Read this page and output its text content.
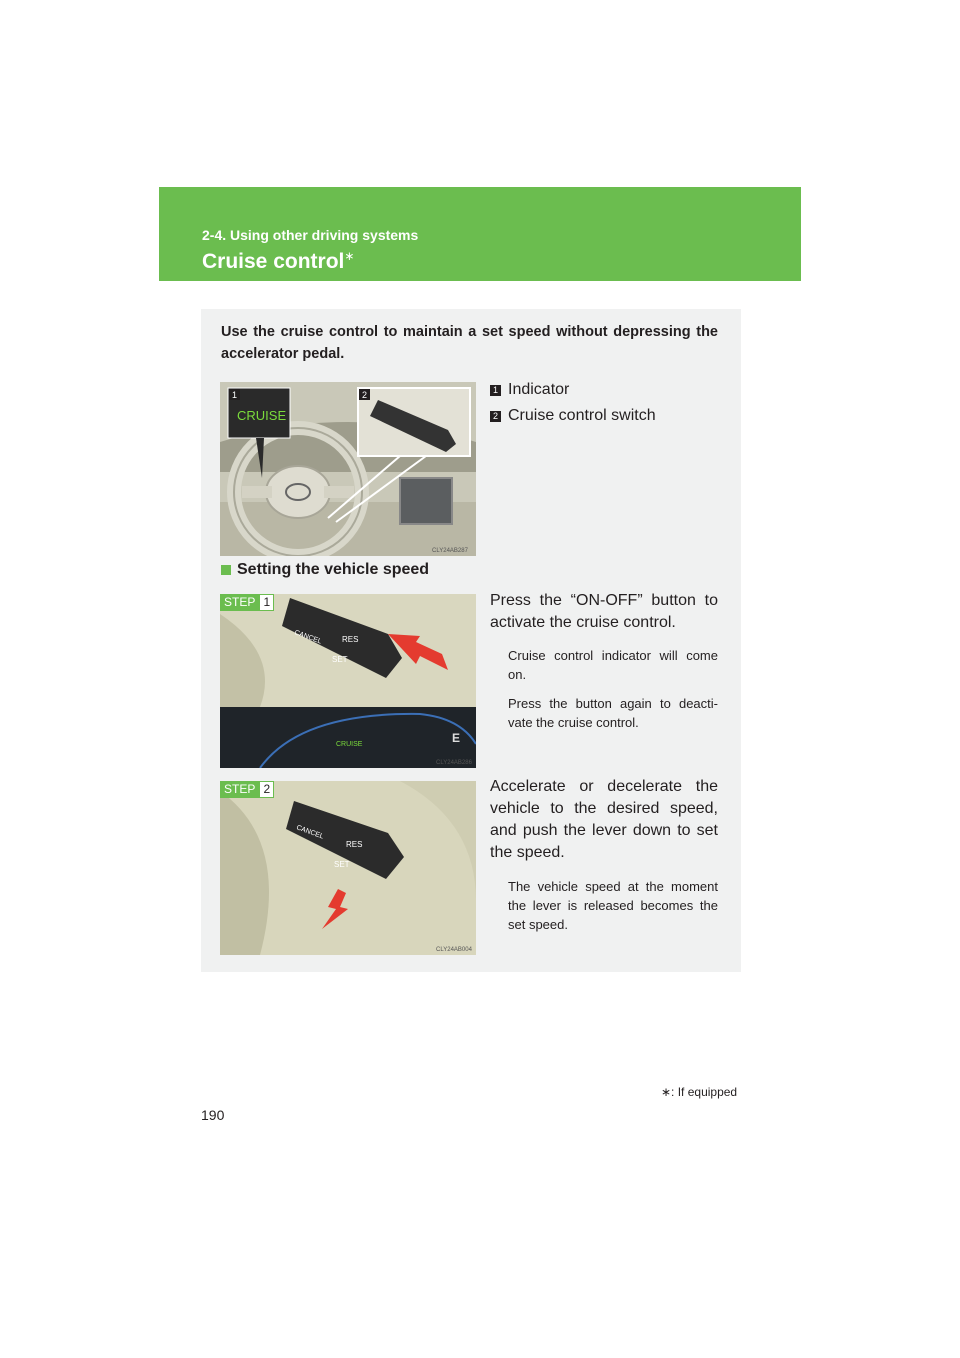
2-4. Using other driving systems
Cruise control∗
Use the cruise control to maintain a set speed without depressing the accelerator pedal.
CRUISE
1	2
CLY24AB287
1 Indicator
2 Cruise control switch
Setting the vehicle speed
CANCEL RES
SET
CRUISE	E
CLY24AB286
STEP 1	Press the “ON-OFF” button to activate the cruise control.
Cruise control indicator will come on.
Press the button again to deacti-vate the cruise control.
CANCEL
RES
SET
CLY24AB004
STEP 2	Accelerate or decelerate the vehicle to the desired speed, and push the lever down to set the speed.
The vehicle speed at the moment the lever is released becomes the set speed.
∗: If equipped
190
